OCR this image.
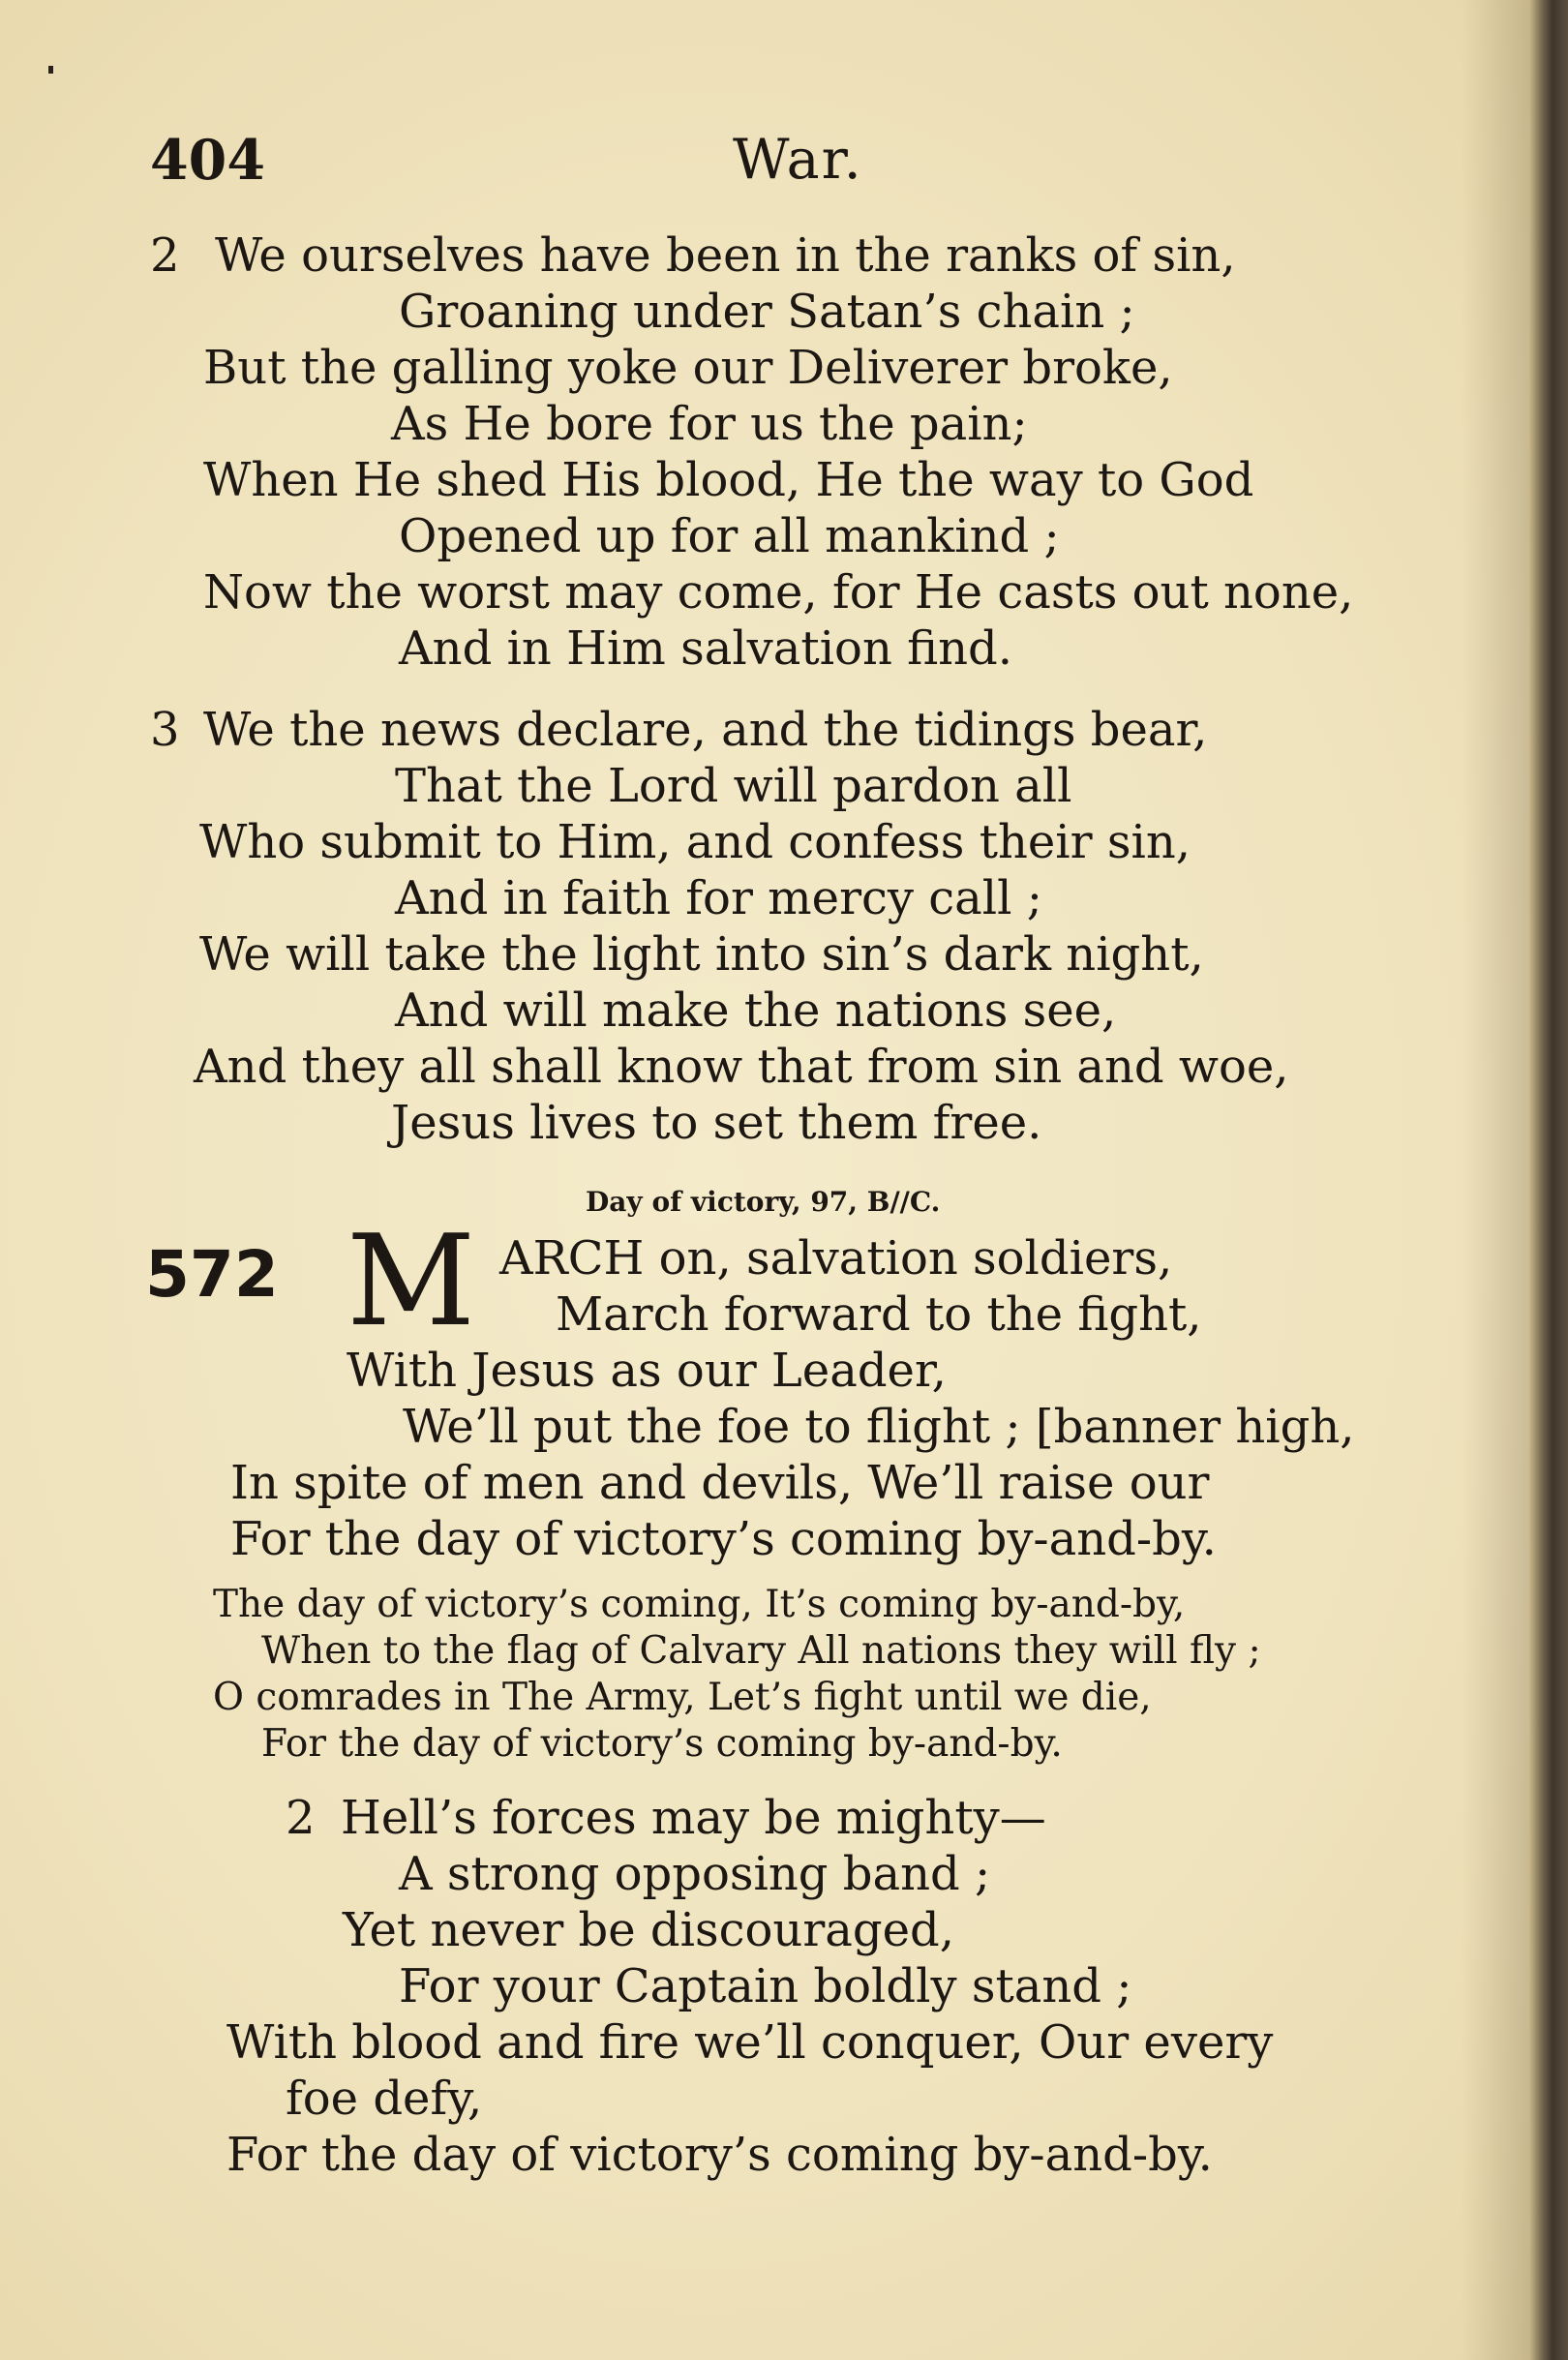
404	War.
2 We ourselves have been in the ranks of sin,
Groaning under Satan’s chain ;
But the galling yoke our Deliverer broke,
As He bore for us the pain;
When He shed His blood, He the way to God
Opened up for all mankind ;
Now the worst may come, for He casts out none,
And in Him salvation find.
3 We the news declare, and the tidings bear,
That the Lord will pardon all
Who submit to Him, and confess their sin,
And in faith for mercy call ;
We will take the light into sin’s dark night,
And will make the nations see,
And they all shall know that from sin and woe,
Jesus lives to set them free.
Day of victory, 97, B//C.
572 M ARCH on, salvation soldiers,
March forward to the fight,
With Jesus as our Leader,
We’ll put the foe to flight ; [banner high,
In spite of men and devils, We’ll raise our
For the day of victory’s coming by-and-by.
The day of victory’s coming, It’s coming by-and-by,
When to the flag of Calvary All nations they will fly ;
O comrades in The Army, Let’s fight until we die,
For the day of victory’s coming by-and-by.
2 Hell’s forces may be mighty—
A strong opposing band ;
Yet never be discouraged,
For your Captain boldly stand ;
With blood and fire we’ll conquer, Our every
foe defy,
For the day of victory’s coming by-and-by.
